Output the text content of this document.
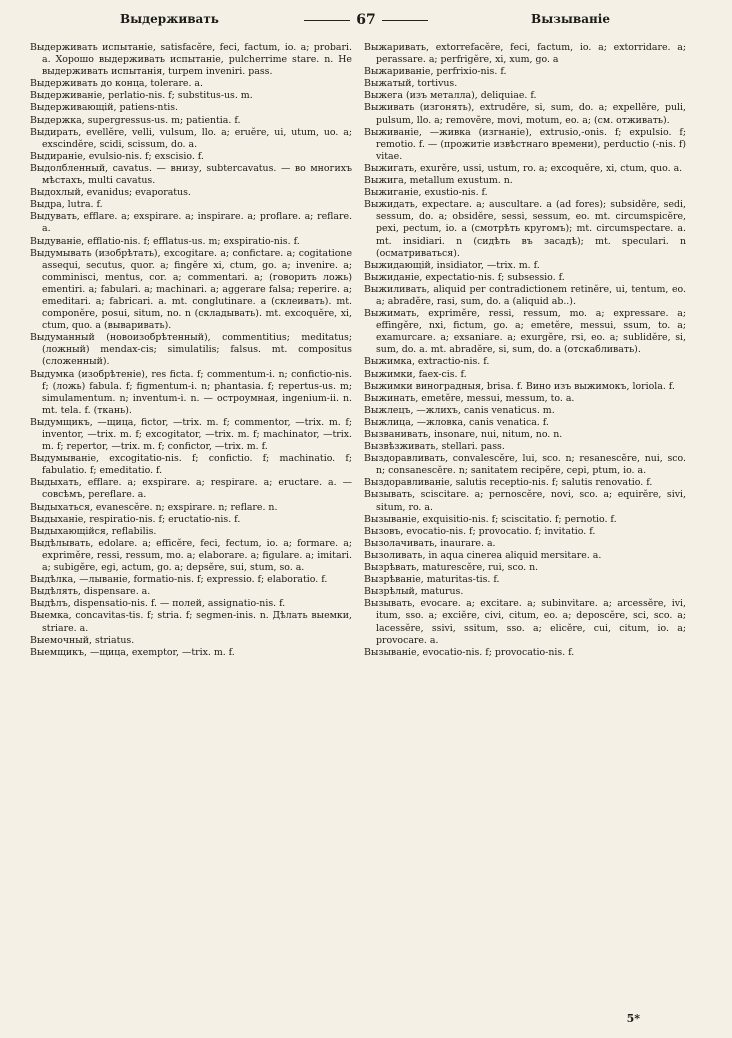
Выдерживать	67	Вызыванiе

Выдерживать испытанiе, satisfacĕre, feci, factum, io. a; probari. a. Хорошо выдерживать испытанiе, pulcherrime stare. n. Не выдерживать испытанiя, turpem inveniri. pass.

Выдерживать до конца, tolerare. a.

Выдерживанiе, perlatio-nis. f; substitus-us. m.

Выдерживающiй, patiens-ntis.

Выдержка, supergressus-us. m; patientia. f.

Выдирать, evellĕre, velli, vulsum, llo. a; eruĕre, ui, utum, uo. a; exscindĕre, scidi, scissum, do. a.

Выдиранiе, evulsio-nis. f; exscisio. f.

Выдолбленный, cavatus. — внизу, subtercavatus. — во многихъ мѣстахъ, multi cavatus.

Выдохлый, evanidus; evaporatus.

Выдра, lutra. f.

Выдувать, efflare. a; exspirare. a; inspirare. a; proflare. a; reflare. a.

Выдуванiе, efflatio-nis. f; efflatus-us. m; exspiratio-nis. f.

Выдумывать (изобрѣтать), excogitare. a; confictare. a; cogitatione assequi, secutus, quor. a; fingĕre xi, ctum, go. a; invenire. a; comminisci, mentus, cor. a; commentari. a; (говорить ложь) ementiri. a; fabulari. a; machinari. a; aggerare falsa; reperire. a; emeditari. a; fabricari. a. mt. conglutinare. a (склеивать). mt. componĕre, posui, situm, no. n (складывать). mt. excoquĕre, xi, ctum, quo. a (вываривать).

Выдуманный (новоизобрѣтенный), commentitius; meditatus; (ложный) mendax-cis; simulatilis; falsus. mt. compositus (сложенный).

Выдумка (изобрѣтенiе), res ficta. f; commentum-i. n; confictio-nis. f; (ложь) fabula. f; figmentum-i. n; phantasia. f; repertus-us. m; simulamentum. n; inventum-i. n. — остроумная, ingenium-ii. n. mt. tela. f. (ткань).

Выдумщикъ, —щица, fictor, —trix. m. f; commentor, —trix. m. f; inventor, —trix. m. f; excogitator, —trix. m. f; machinator, —trix. m. f; repertor, —trix. m. f; confictor, —trix. m. f.

Выдумыванiе, excogitatio-nis. f; confictio. f; machinatio. f; fabulatio. f; emeditatio. f.

Выдыхать, efflare. a; exspirare. a; respirare. a; eructare. a. — совсѣмъ, pereflare. a.

Выдыхаться, evanescĕre. n; exspirare. n; reflare. n.

Выдыханiе, respiratio-nis. f; eructatio-nis. f.

Выдыхающiйся, reflabilis.

Выдѣлывать, edolare. a; efficĕre, feci, fectum, io. a; formare. a; exprimĕre, ressi, ressum, mo. a; elaborare. a; figulare. a; imitari. a; subigĕre, egi, actum, go. a; depsĕre, sui, stum, so. a.

Выдѣлка, —лыванiе, formatio-nis. f; expressio. f; elaboratio. f.

Выдѣлять, dispensare. a.

Выдѣлъ, dispensatio-nis. f. — полей, assignatio-nis. f.

Выемка, concavitas-tis. f; stria. f; segmen-inis. n. Дѣлать выемки, striare. a.

Выемочный, striatus.

Выемщикъ, —щица, exemptor, —trix. m. f.

Выжаривать, extorrefacĕre, feci, factum, io. a; extorridare. a; perassare. a; perfrigĕre, xi, xum, go. a

Выжариванiе, perfrixio-nis. f.

Выжатый, tortivus.

Выжега (изъ металла), deliquiae. f.

Выживать (изгонять), extrudĕre, si, sum, do. a; expellĕre, puli, pulsum, llo. a; removĕre, movi, motum, eo. a; (см. отживать).

Выживанiе, —живка (изгнанiе), extrusio,-onis. f; expulsio. f; remotio. f. — (прожитiе извѣстнаго времени), perductio (-nis. f) vitae.

Выжигать, exurĕre, ussi, ustum, ro. a; excoquĕre, xi, ctum, quo. a.

Выжига, metallum exustum. n.

Выжиганiе, exustio-nis. f.

Выжидать, expectare. a; auscultare. a (ad fores); subsidĕre, sedi, sessum, do. a; obsidĕre, sessi, sessum, eo. mt. circumspicĕre, pexi, pectum, io. a (смотрѣть кругомъ); mt. circumspectare. a. mt. insidiari. n (сидѣть въ засадѣ); mt. speculari. n (осматриваться).

Выжидающiй, insidiator, —trix. m. f.

Выжиданiе, expectatio-nis. f; subsessio. f.

Выжиливать, aliquid per contradictionem retinĕre, ui, tentum, eo. a; abradĕre, rasi, sum, do. a (aliquid ab..).

Выжимать, exprimĕre, ressi, ressum, mo. a; expressare. a; effingĕre, nxi, fictum, go. a; emetĕre, messui, ssum, to. a; examurcare. a; exsaniare. a; exurgĕre, rsi, eo. a; sublidĕre, si, sum, do. a. mt. abradĕre, si, sum, do. a (отскабливать).

Выжимка, extractio-nis. f.

Выжимки, faex-cis. f.

Выжимки виноградныя, brisa. f. Вино изъ выжимокъ, loriola. f.

Выжинать, emetĕre, messui, messum, to. a.

Выжлецъ, —жлихъ, canis venaticus. m.

Выжлица, —жловка, canis venatica. f.

Вызванивать, insonare, nui, nitum, no. n.

Вызвѣзживать, stellari. pass.

Выздоравливать, convalescĕre, lui, sco. n; resanescĕre, nui, sco. n; consanescĕre. n; sanitatem recipĕre, cepi, ptum, io. a.

Выздоравливанiе, salutis receptio-nis. f; salutis renovatio. f.

Вызывать, sciscitare. a; pernoscĕre, novi, sco. a; equirĕre, sivi, situm, ro. a.

Вызыванiе, exquisitio-nis. f; sciscitatio. f; pernotio. f.

Вызовъ, evocatio-nis. f; provocatio. f; invitatio. f.

Вызолачивать, inaurare. a.

Вызоливать, in aqua cinerea aliquid mersitare. a.

Вызрѣвать, maturescĕre, rui, sco. n.

Вызрѣванiе, maturitas-tis. f.

Вызрѣлый, maturus.

Вызывать, evocare. a; excitare. a; subinvitare. a; arcessĕre, ivi, itum, sso. a; exciĕre, civi, citum, eo. a; deposcĕre, sci, sco. a; lacessĕre, ssivi, ssitum, sso. a; elicĕre, cui, citum, io. a; provocare. a.

Вызыванiе, evocatio-nis. f; provocatio-nis. f.

5*
